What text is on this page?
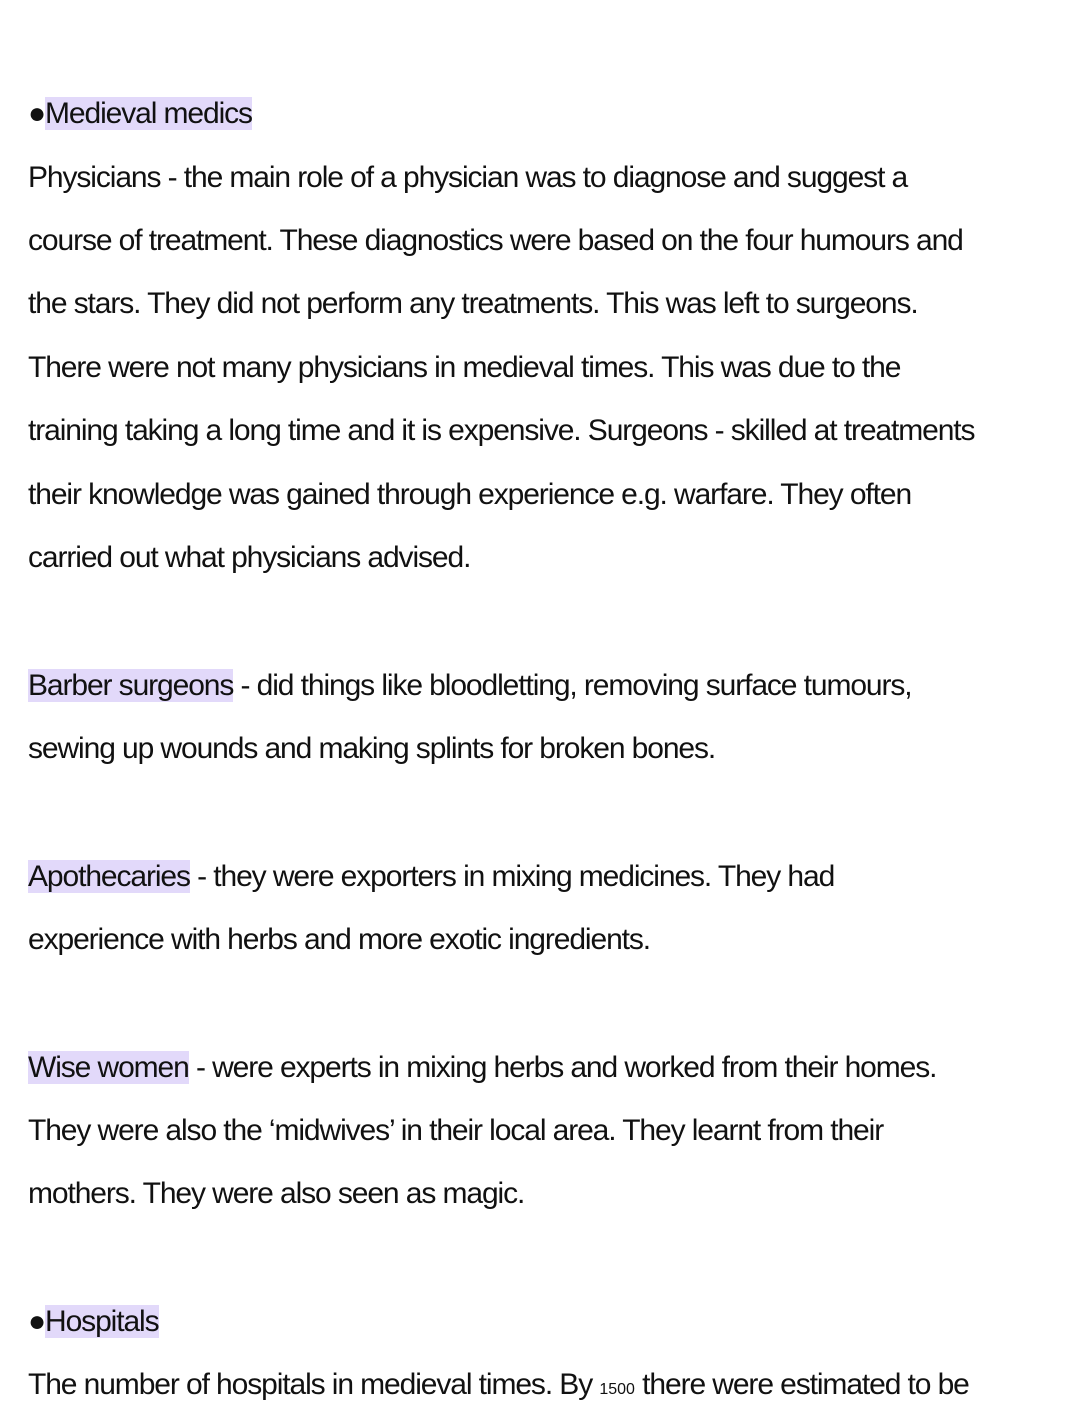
●Medieval medics
Physicians - the main role of a physician was to diagnose and suggest a
course of treatment. These diagnostics were based on the four humours and
the stars. They did not perform any treatments. This was left to surgeons.
There were not many physicians in medieval times. This was due to the
training taking a long time and it is expensive. Surgeons - skilled at treatments
their knowledge was gained through experience e.g. warfare. They often
carried out what physicians advised.
Barber surgeons - did things like bloodletting, removing surface tumours,
sewing up wounds and making splints for broken bones.
Apothecaries - they were exporters in mixing medicines. They had
experience with herbs and more exotic ingredients.
Wise women - were experts in mixing herbs and worked from their homes.
They were also the ‘midwives’ in their local area. They learnt from their
mothers. They were also seen as magic.
●Hospitals
The number of hospitals in medieval times. By 1500 there were estimated to be
